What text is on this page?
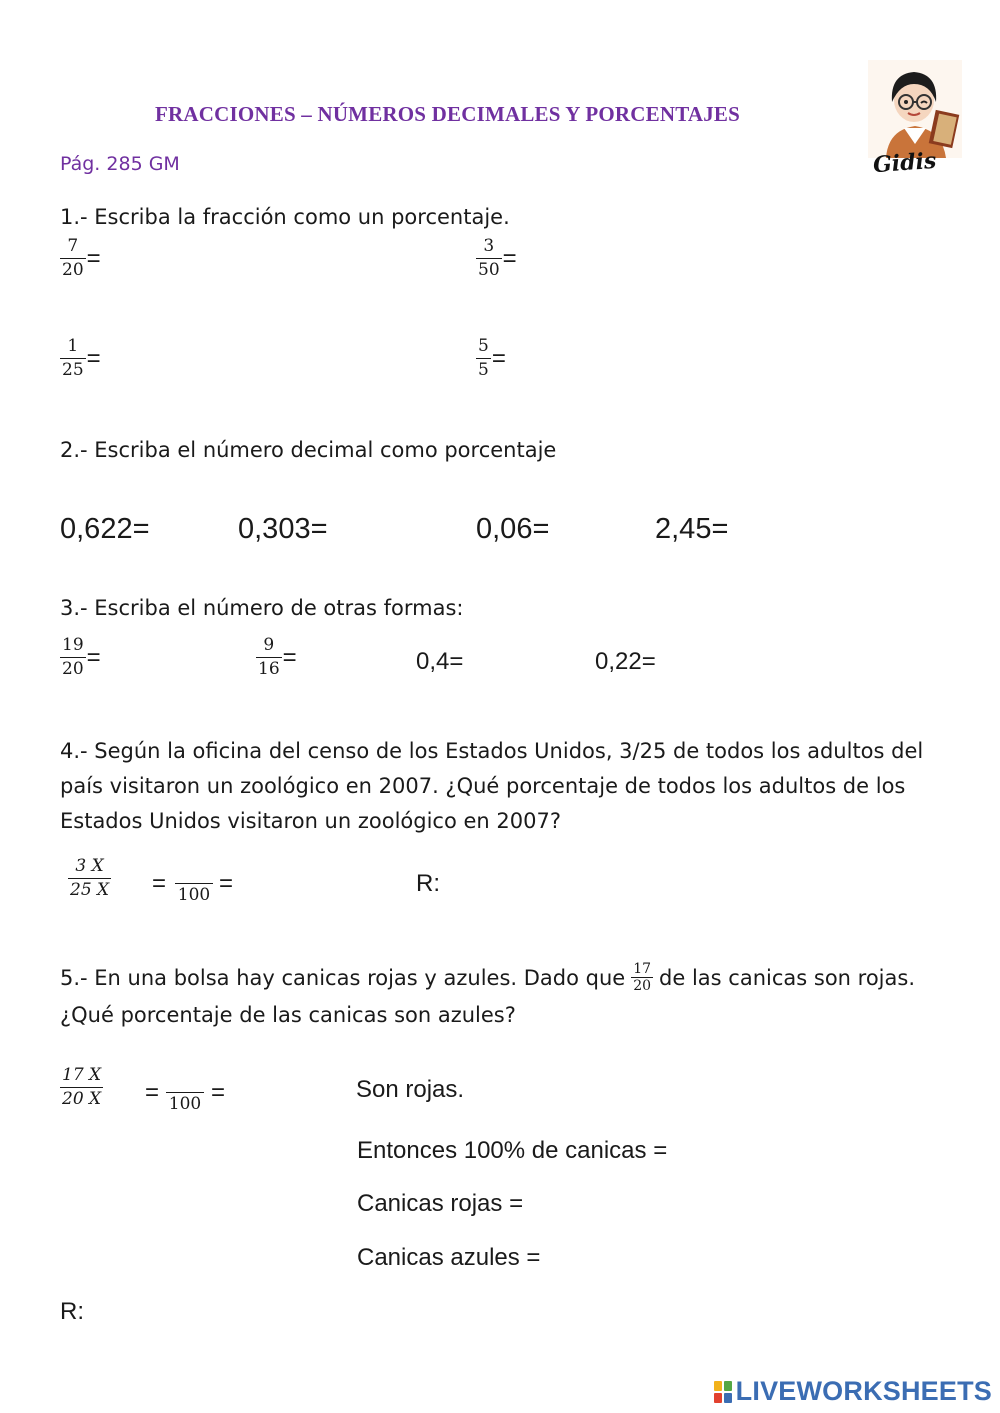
FRACCIONES – NÚMEROS DECIMALES Y PORCENTAJES
Pág. 285 GM	Gidis
1.- Escriba la fracción como un porcentaje.
$\frac{7}{20}$ =	$\frac{3}{50}$ =
$\frac{1}{25}$ =	$\frac{5}{5}$ =
2.- Escriba el número decimal como porcentaje
0,622=	0,303=	0,06=	2,45=
3.- Escriba el número de otras formas:
$\frac{19}{20}$ =	$\frac{9}{16}$ =	0,4=	0,22=
4.- Según la oficina del censo de los Estados Unidos, 3/25 de todos los adultos del país visitaron un zoológico en 2007. ¿Qué porcentaje de todos los adultos de los Estados Unidos visitaron un zoológico en 2007?
$\frac{3 X}{25 X} = 100$ =	R:
5.- En una bolsa hay canicas rojas y azules. Dado que $\frac{17}{20}$ de las canicas son rojas.
¿Qué porcentaje de las canicas son azules?
$\frac{17 X}{20 X} = 100$ =	Son rojas.
Entonces 100% de canicas =
Canicas rojas =
Canicas azules =
R:
LIVEWORKSHEETS
